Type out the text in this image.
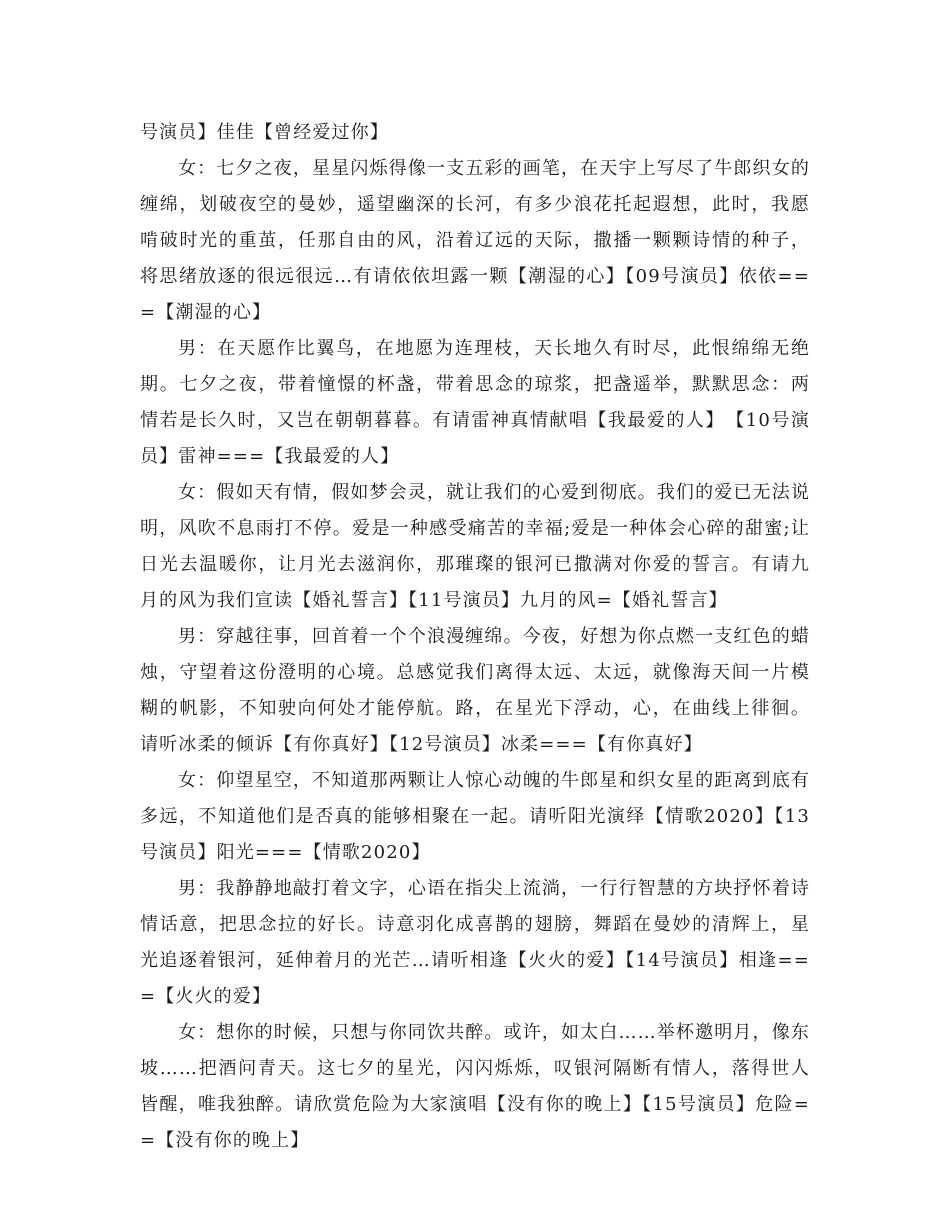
号演员】佳佳【曾经爱过你】

女：七夕之夜，星星闪烁得像一支五彩的画笔，在天宇上写尽了牛郎织女的缠绵，划破夜空的曼妙，遥望幽深的长河，有多少浪花托起遐想，此时，我愿啃破时光的重茧，任那自由的风，沿着辽远的天际，撒播一颗颗诗情的种子，将思绪放逐的很远很远…有请依依坦露一颗【潮湿的心】【09号演员】依依===【潮湿的心】

男：在天愿作比翼鸟，在地愿为连理枝，天长地久有时尽，此恨绵绵无绝期。七夕之夜，带着憧憬的杯盏，带着思念的琼浆，把盏遥举，默默思念：两情若是长久时，又岂在朝朝暮暮。有请雷神真情献唱【我最爱的人】　【10号演员】雷神===【我最爱的人】

女：假如天有情，假如梦会灵，就让我们的心爱到彻底。我们的爱已无法说明，风吹不息雨打不停。爱是一种感受痛苦的幸福;爱是一种体会心碎的甜蜜;让日光去温暖你，让月光去滋润你，那璀璨的银河已撒满对你爱的誓言。有请九月的风为我们宣读【婚礼誓言】【11号演员】九月的风=【婚礼誓言】

男：穿越往事，回首着一个个浪漫缠绵。今夜，好想为你点燃一支红色的蜡烛，守望着这份澄明的心境。总感觉我们离得太远、太远，就像海天间一片模糊的帆影，不知驶向何处才能停航。路，在星光下浮动，心，在曲线上徘徊。请听冰柔的倾诉【有你真好】【12号演员】冰柔===【有你真好】

女：仰望星空，不知道那两颗让人惊心动魄的牛郎星和织女星的距离到底有多远，不知道他们是否真的能够相聚在一起。请听阳光演绎【情歌2020】【13号演员】阳光===【情歌2020】

男：我静静地敲打着文字，心语在指尖上流淌，一行行智慧的方块抒怀着诗情话意，把思念拉的好长。诗意羽化成喜鹊的翅膀，舞蹈在曼妙的清辉上，星光追逐着银河，延伸着月的光芒…请听相逢【火火的爱】【14号演员】相逢===【火火的爱】

女：想你的时候，只想与你同饮共醉。或许，如太白……举杯邀明月，像东坡……把酒问青天。这七夕的星光，闪闪烁烁，叹银河隔断有情人，落得世人皆醒，唯我独醉。请欣赏危险为大家演唱【没有你的晚上】【15号演员】危险==【没有你的晚上】
